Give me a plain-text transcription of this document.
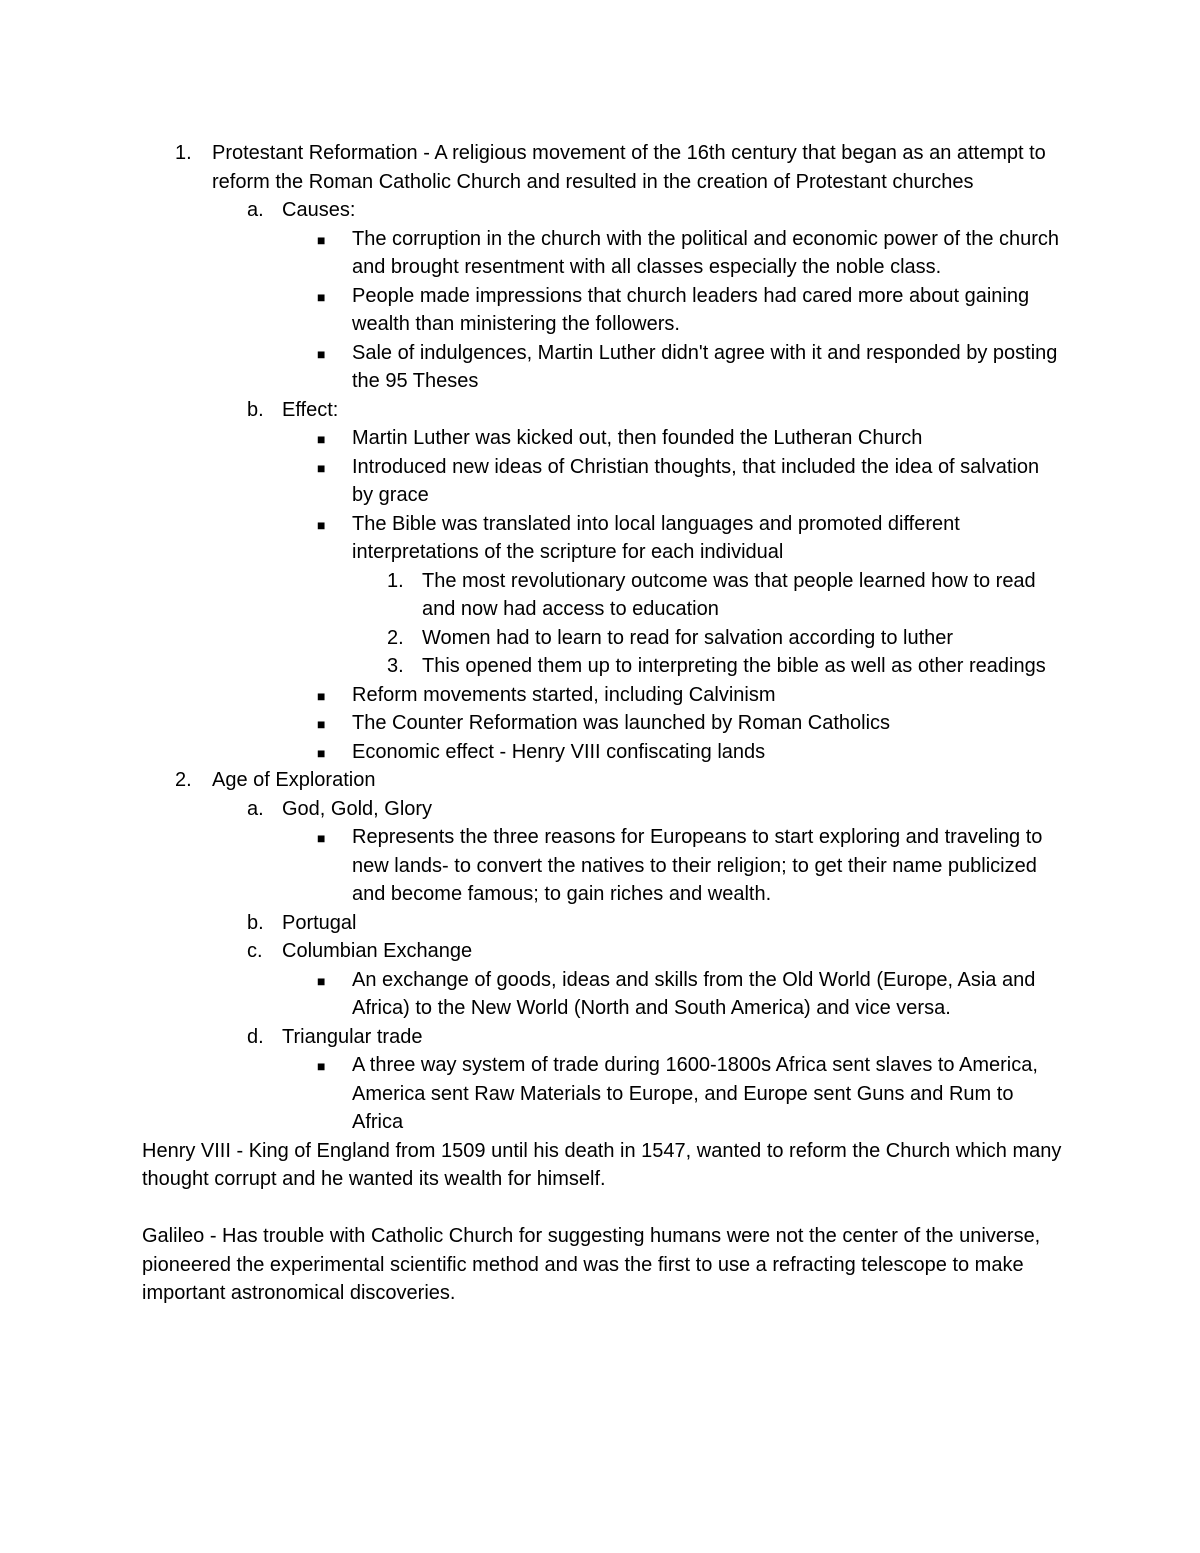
1. Protestant Reformation - A religious movement of the 16th century that began as an attempt to reform the Roman Catholic Church and resulted in the creation of Protestant churches
a. Causes:
■ The corruption in the church with the political and economic power of the church and brought resentment with all classes especially the noble class.
■ People made impressions that church leaders had cared more about gaining wealth than ministering the followers.
■ Sale of indulgences, Martin Luther didn't agree with it and responded by posting the 95 Theses
b. Effect:
■ Martin Luther was kicked out, then founded the Lutheran Church
■ Introduced new ideas of Christian thoughts, that included the idea of salvation by grace
■ The Bible was translated into local languages and promoted different interpretations of the scripture for each individual
1. The most revolutionary outcome was that people learned how to read and now had access to education
2. Women had to learn to read for salvation according to luther
3. This opened them up to interpreting the bible as well as other readings
■ Reform movements started, including Calvinism
■ The Counter Reformation was launched by Roman Catholics
■ Economic effect - Henry VIII confiscating lands
2. Age of Exploration
a. God, Gold, Glory
■ Represents the three reasons for Europeans to start exploring and traveling to new lands- to convert the natives to their religion; to get their name publicized and become famous; to gain riches and wealth.
b. Portugal
c. Columbian Exchange
■ An exchange of goods, ideas and skills from the Old World (Europe, Asia and Africa) to the New World (North and South America) and vice versa.
d. Triangular trade
■ A three way system of trade during 1600-1800s Africa sent slaves to America, America sent Raw Materials to Europe, and Europe sent Guns and Rum to Africa

Henry VIII - King of England from 1509 until his death in 1547, wanted to reform the Church which many thought corrupt and he wanted its wealth for himself.

Galileo - Has trouble with Catholic Church for suggesting humans were not the center of the universe, pioneered the experimental scientific method and was the first to use a refracting telescope to make important astronomical discoveries.
